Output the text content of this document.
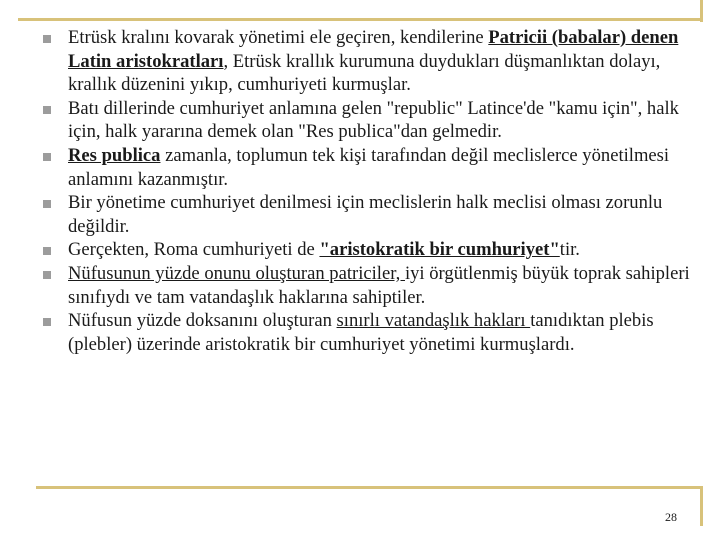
Etrüsk kralını kovarak yönetimi ele geçiren, kendilerine Patricii (babalar) denen Latin aristokratları, Etrüsk krallık kurumuna duydukları düşmanlıktan dolayı, krallık düzenini yıkıp, cumhuriyeti kurmuşlar.
Batı dillerinde cumhuriyet anlamına gelen "republic" Latince'de "kamu için", halk için, halk yararına demek olan "Res publica"dan gelmedir.
Res publica zamanla, toplumun tek kişi tarafından değil meclislerce yönetilmesi anlamını kazanmıştır.
Bir yönetime cumhuriyet denilmesi için meclislerin halk meclisi olması zorunlu değildir.
Gerçekten, Roma cumhuriyeti de "aristokratik bir cumhuriyet"tir.
Nüfusunun yüzde onunu oluşturan patriciler, iyi örgütlenmiş büyük toprak sahipleri sınıfıydı ve tam vatandaşlık haklarına sahiptiler.
Nüfusun yüzde doksanını oluşturan sınırlı vatandaşlık hakları tanıdıktan plebis (plebler) üzerinde aristokratik bir cumhuriyet yönetimi kurmuşlardı.
28
